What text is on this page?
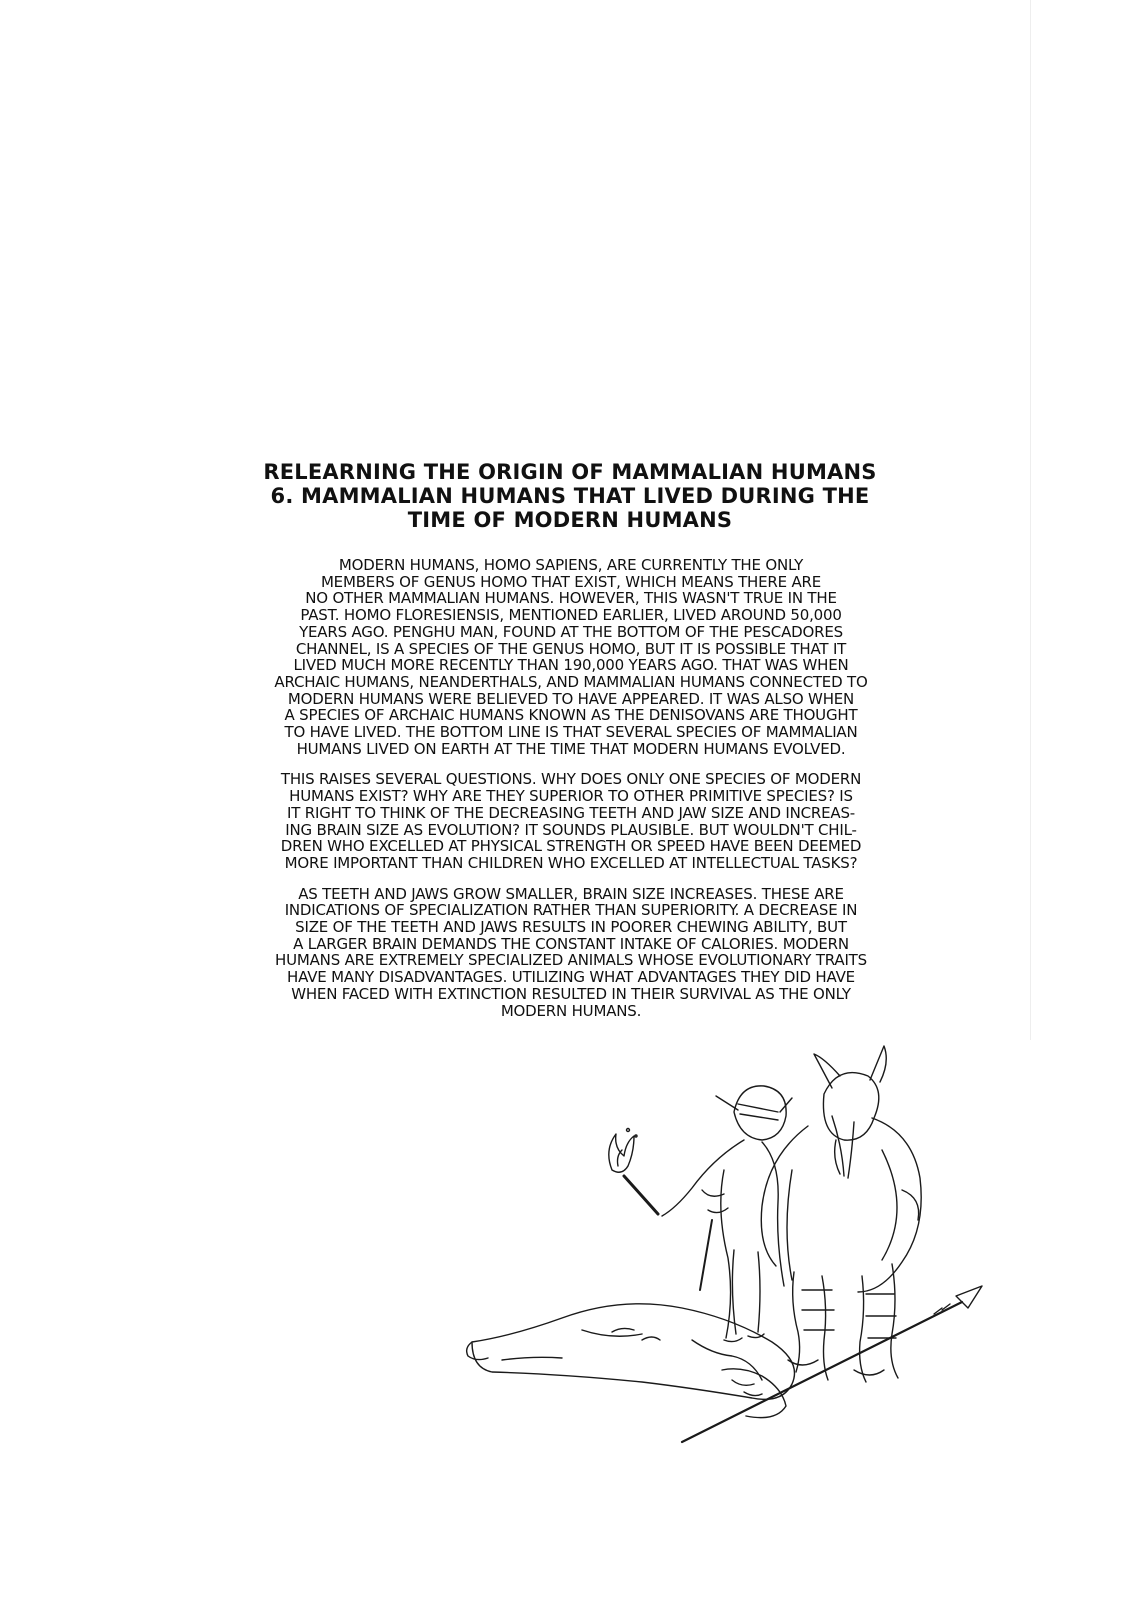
RELEARNING THE ORIGIN OF MAMMALIAN HUMANS
6. MAMMALIAN HUMANS THAT LIVED DURING THE
TIME OF MODERN HUMANS

MODERN HUMANS, HOMO SAPIENS, ARE CURRENTLY THE ONLY
MEMBERS OF GENUS HOMO THAT EXIST, WHICH MEANS THERE ARE
NO OTHER MAMMALIAN HUMANS. HOWEVER, THIS WASN'T TRUE IN THE
PAST. HOMO FLORESIENSIS, MENTIONED EARLIER, LIVED AROUND 50,000
YEARS AGO. PENGHU MAN, FOUND AT THE BOTTOM OF THE PESCADORES
CHANNEL, IS A SPECIES OF THE GENUS HOMO, BUT IT IS POSSIBLE THAT IT
LIVED MUCH MORE RECENTLY THAN 190,000 YEARS AGO. THAT WAS WHEN
ARCHAIC HUMANS, NEANDERTHALS, AND MAMMALIAN HUMANS CONNECTED TO
MODERN HUMANS WERE BELIEVED TO HAVE APPEARED. IT WAS ALSO WHEN
A SPECIES OF ARCHAIC HUMANS KNOWN AS THE DENISOVANS ARE THOUGHT
TO HAVE LIVED. THE BOTTOM LINE IS THAT SEVERAL SPECIES OF MAMMALIAN
HUMANS LIVED ON EARTH AT THE TIME THAT MODERN HUMANS EVOLVED.

THIS RAISES SEVERAL QUESTIONS. WHY DOES ONLY ONE SPECIES OF MODERN
HUMANS EXIST? WHY ARE THEY SUPERIOR TO OTHER PRIMITIVE SPECIES? IS
IT RIGHT TO THINK OF THE DECREASING TEETH AND JAW SIZE AND INCREAS-
ING BRAIN SIZE AS EVOLUTION? IT SOUNDS PLAUSIBLE. BUT WOULDN'T CHIL-
DREN WHO EXCELLED AT PHYSICAL STRENGTH OR SPEED HAVE BEEN DEEMED
MORE IMPORTANT THAN CHILDREN WHO EXCELLED AT INTELLECTUAL TASKS?

AS TEETH AND JAWS GROW SMALLER, BRAIN SIZE INCREASES. THESE ARE
INDICATIONS OF SPECIALIZATION RATHER THAN SUPERIORITY. A DECREASE IN
SIZE OF THE TEETH AND JAWS RESULTS IN POORER CHEWING ABILITY, BUT
A LARGER BRAIN DEMANDS THE CONSTANT INTAKE OF CALORIES. MODERN
HUMANS ARE EXTREMELY SPECIALIZED ANIMALS WHOSE EVOLUTIONARY TRAITS
HAVE MANY DISADVANTAGES. UTILIZING WHAT ADVANTAGES THEY DID HAVE
WHEN FACED WITH EXTINCTION RESULTED IN THEIR SURVIVAL AS THE ONLY
MODERN HUMANS.
